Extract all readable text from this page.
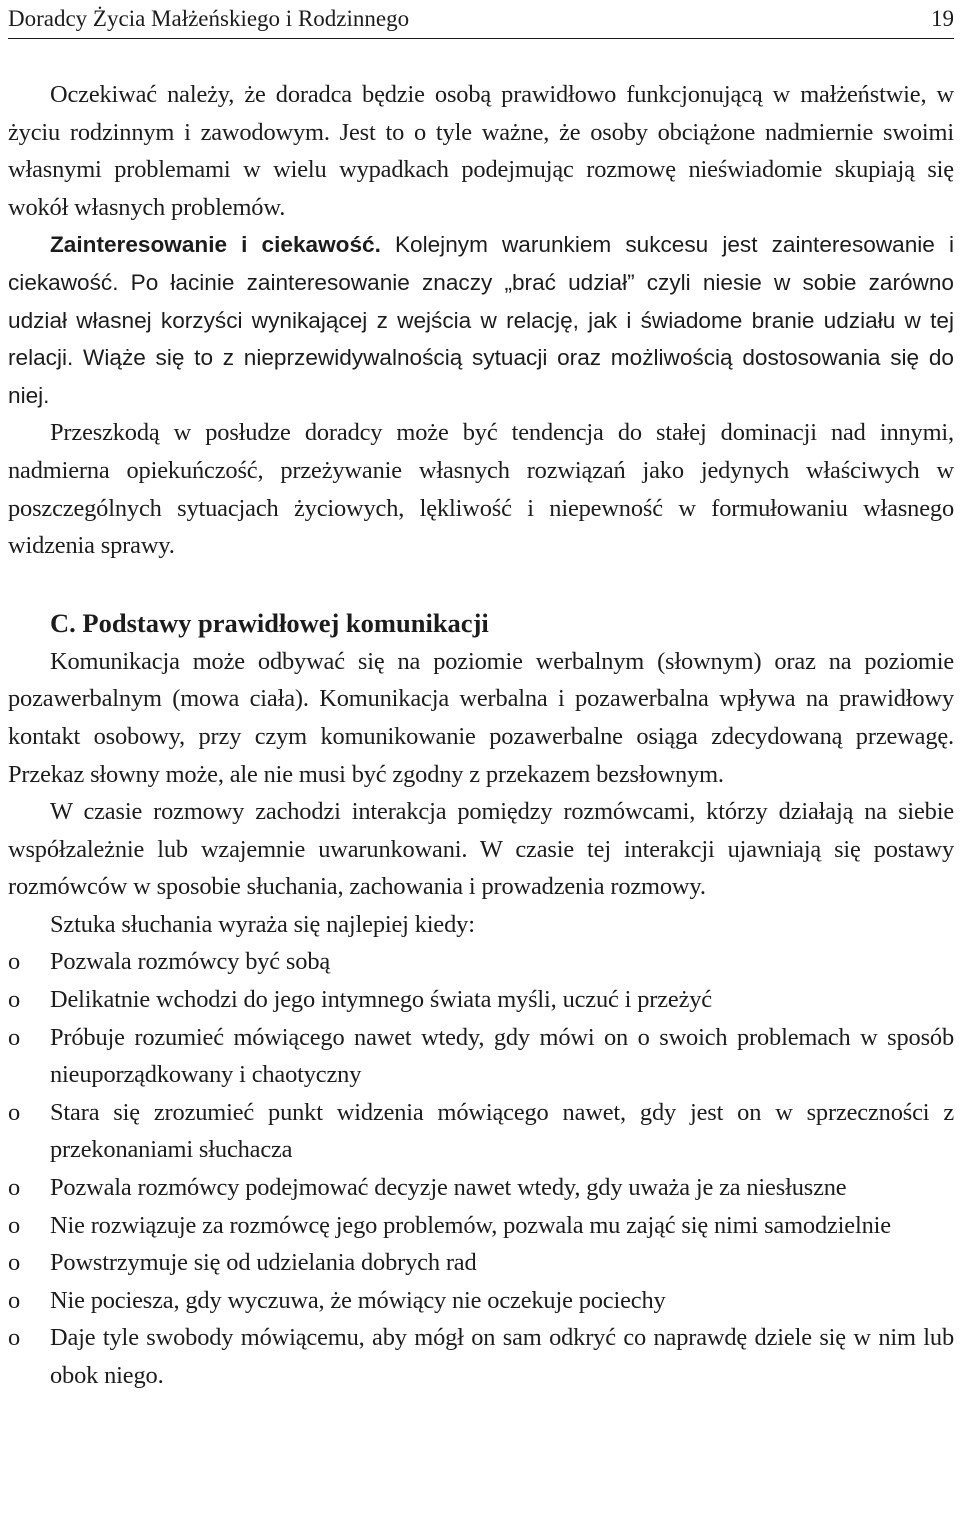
Doradcy Życia Małżeńskiego i Rodzinnego	19

Oczekiwać należy, że doradca będzie osobą prawidłowo funkcjonującą w małżeństwie, w życiu rodzinnym i zawodowym. Jest to o tyle ważne, że osoby obciążone nadmiernie swoimi własnymi problemami w wielu wypadkach podejmując rozmowę nieświadomie skupiają się wokół własnych problemów.

Zainteresowanie i ciekawość. Kolejnym warunkiem sukcesu jest zainteresowanie i ciekawość. Po łacinie zainteresowanie znaczy „brać udział” czyli niesie w sobie zarówno udział własnej korzyści wynikającej z wejścia w relację, jak i świadome branie udziału w tej relacji. Wiąże się to z nieprzewidywalnością sytuacji oraz możliwością dostosowania się do niej.

Przeszkodą w posłudze doradcy może być tendencja do stałej dominacji nad innymi, nadmierna opiekuńczość, przeżywanie własnych rozwiązań jako jedynych właściwych w poszczególnych sytuacjach życiowych, lękliwość i niepewność w formułowaniu własnego widzenia sprawy.

C. Podstawy prawidłowej komunikacji

Komunikacja może odbywać się na poziomie werbalnym (słownym) oraz na poziomie pozawerbalnym (mowa ciała). Komunikacja werbalna i pozawerbalna wpływa na prawidłowy kontakt osobowy, przy czym komunikowanie pozawerbalne osiąga zdecydowaną przewagę. Przekaz słowny może, ale nie musi być zgodny z przekazem bezsłownym.

W czasie rozmowy zachodzi interakcja pomiędzy rozmówcami, którzy działają na siebie współzależnie lub wzajemnie uwarunkowani. W czasie tej interakcji ujawniają się postawy rozmówców w sposobie słuchania, zachowania i prowadzenia rozmowy.

Sztuka słuchania wyraża się najlepiej kiedy:

o Pozwala rozmówcy być sobą
o Delikatnie wchodzi do jego intymnego świata myśli, uczuć i przeżyć
o Próbuje rozumieć mówiącego nawet wtedy, gdy mówi on o swoich problemach w sposób nieuporządkowany i chaotyczny
o Stara się zrozumieć punkt widzenia mówiącego nawet, gdy jest on w sprzeczności z przekonaniami słuchacza
o Pozwala rozmówcy podejmować decyzje nawet wtedy, gdy uważa je za niesłuszne
o Nie rozwiązuje za rozmówcę jego problemów, pozwala mu zająć się nimi samodzielnie
o Powstrzymuje się od udzielania dobrych rad
o Nie pociesza, gdy wyczuwa, że mówiący nie oczekuje pociechy
o Daje tyle swobody mówiącemu, aby mógł on sam odkryć co naprawdę dziele się w nim lub obok niego.
